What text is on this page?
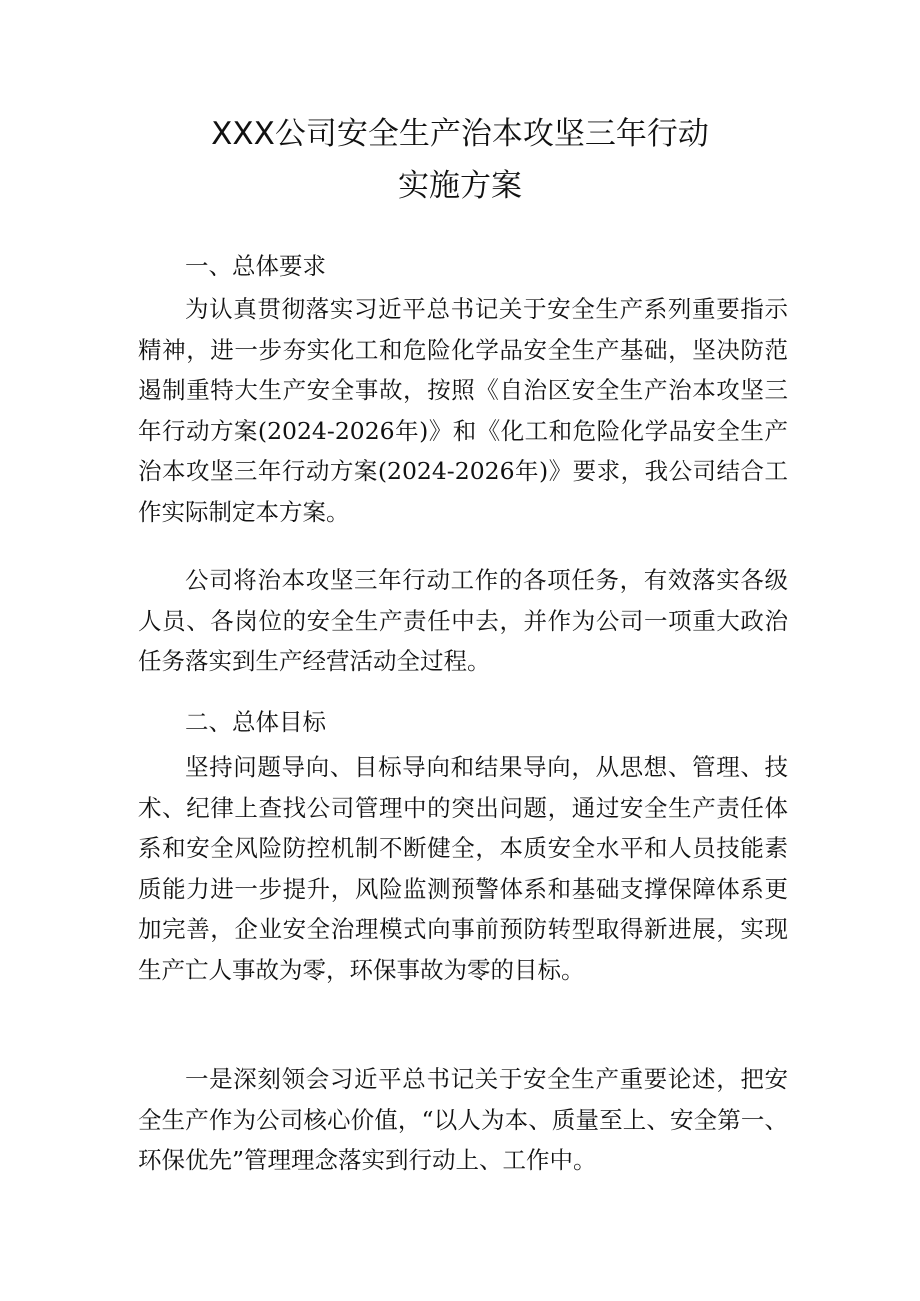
XXX公司安全生产治本攻坚三年行动
实施方案

一、总体要求

为认真贯彻落实习近平总书记关于安全生产系列重要指示精神，进一步夯实化工和危险化学品安全生产基础，坚决防范遏制重特大生产安全事故，按照《自治区安全生产治本攻坚三年行动方案(2024-2026年)》和《化工和危险化学品安全生产治本攻坚三年行动方案(2024-2026年)》要求，我公司结合工作实际制定本方案。

公司将治本攻坚三年行动工作的各项任务，有效落实各级人员、各岗位的安全生产责任中去，并作为公司一项重大政治任务落实到生产经营活动全过程。

二、总体目标

坚持问题导向、目标导向和结果导向，从思想、管理、技术、纪律上查找公司管理中的突出问题，通过安全生产责任体系和安全风险防控机制不断健全，本质安全水平和人员技能素质能力进一步提升，风险监测预警体系和基础支撑保障体系更加完善，企业安全治理模式向事前预防转型取得新进展，实现生产亡人事故为零，环保事故为零的目标。

一是深刻领会习近平总书记关于安全生产重要论述，把安全生产作为公司核心价值，“以人为本、质量至上、安全第一、环保优先”管理理念落实到行动上、工作中。
